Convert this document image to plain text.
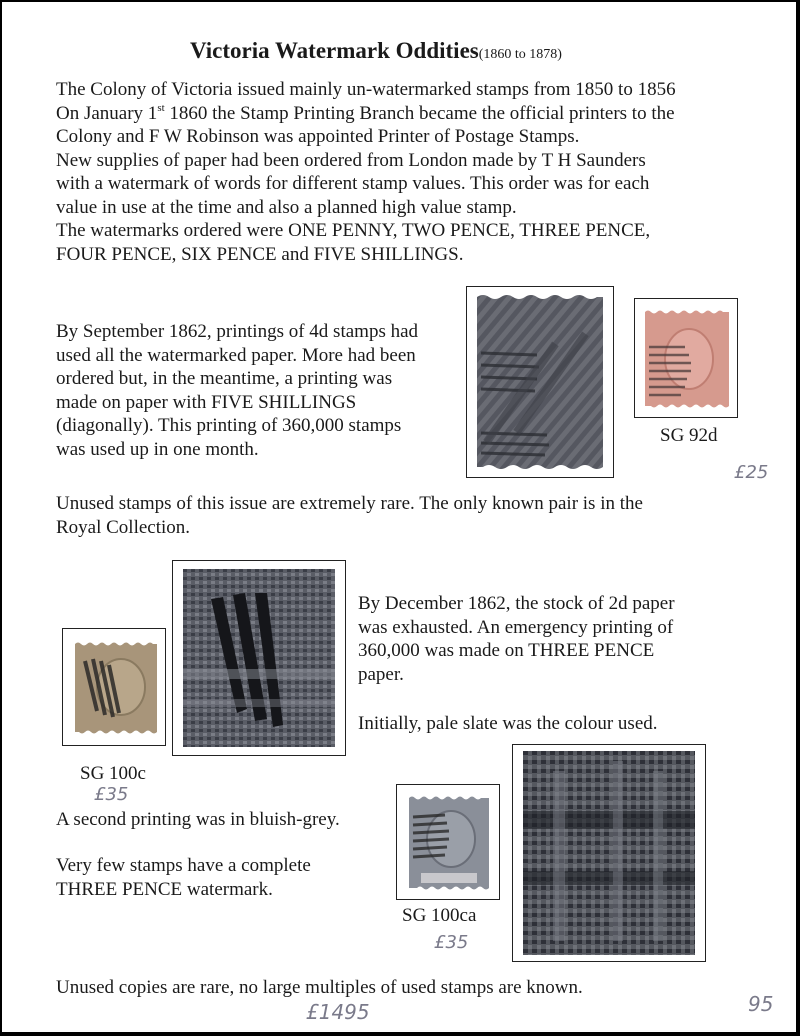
Victoria Watermark Oddities(1860 to 1878)
The Colony of Victoria issued mainly un-watermarked stamps from 1850 to 1856
On January 1st 1860 the Stamp Printing Branch became the official printers to the
Colony and F W Robinson was appointed Printer of Postage Stamps.
New supplies of paper had been ordered from London made by T H Saunders
with a watermark of words for different stamp values. This order was for each
value in use at the time and also a planned high value stamp.
The watermarks ordered were ONE PENNY, TWO PENCE, THREE PENCE,
FOUR PENCE, SIX PENCE and FIVE SHILLINGS.
By September 1862, printings of 4d stamps had
used all the watermarked paper. More had been
ordered but, in the meantime, a printing was
made on paper with FIVE SHILLINGS
(diagonally). This printing of 360,000 stamps
was used up in one month.
SG 92d
£25
Unused stamps of this issue are extremely rare. The only known pair is in the
Royal Collection.
SG 100c
£35
By December 1862, the stock of 2d paper
was exhausted. An emergency printing of
360,000 was made on THREE PENCE
paper.
Initially, pale slate was the colour used.
A second printing was in bluish-grey.
Very few stamps have a complete
THREE PENCE watermark.
SG 100ca
£35
Unused copies are rare, no large multiples of used stamps are known.
£1495	95
